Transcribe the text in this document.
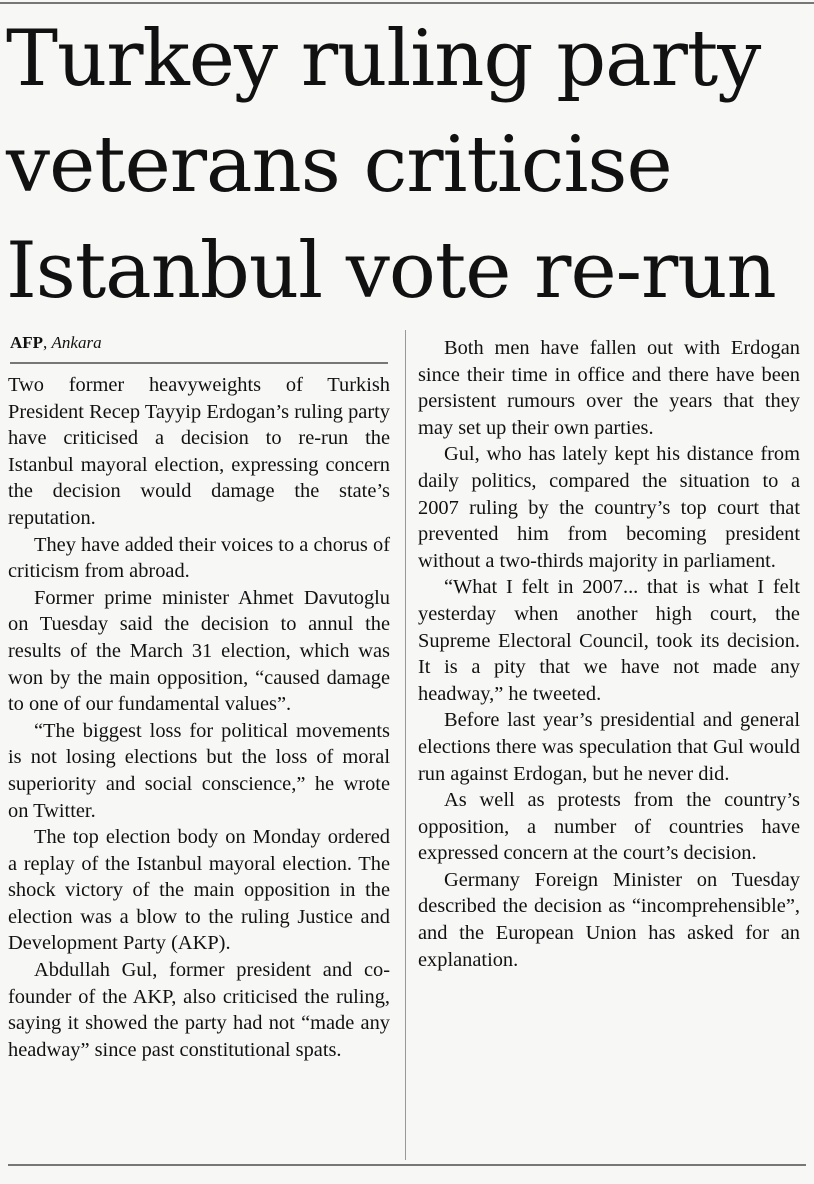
Turkey ruling party veterans criticise Istanbul vote re-run
AFP, Ankara

Two former heavyweights of Turkish President Recep Tayyip Erdogan’s ruling party have criticised a decision to re-run the Istanbul mayoral election, expressing concern the decision would damage the state’s reputation.

They have added their voices to a chorus of criticism from abroad.

Former prime minister Ahmet Davutoglu on Tuesday said the decision to annul the results of the March 31 election, which was won by the main opposition, “caused damage to one of our fundamental values”.

“The biggest loss for political movements is not losing elections but the loss of moral superiority and social conscience,” he wrote on Twitter.

The top election body on Monday ordered a replay of the Istanbul mayoral election. The shock victory of the main opposition in the election was a blow to the ruling Justice and Development Party (AKP).

Abdullah Gul, former president and co-founder of the AKP, also criticised the ruling, saying it showed the party had not “made any headway” since past constitutional spats.

Both men have fallen out with Erdogan since their time in office and there have been persistent rumours over the years that they may set up their own parties.

Gul, who has lately kept his distance from daily politics, compared the situation to a 2007 ruling by the country’s top court that prevented him from becoming president without a two-thirds majority in parliament.

“What I felt in 2007... that is what I felt yesterday when another high court, the Supreme Electoral Council, took its decision. It is a pity that we have not made any headway,” he tweeted.

Before last year’s presidential and general elections there was speculation that Gul would run against Erdogan, but he never did.

As well as protests from the country’s opposition, a number of countries have expressed concern at the court’s decision.

Germany Foreign Minister on Tuesday described the decision as “incomprehensible”, and the European Union has asked for an explanation.
